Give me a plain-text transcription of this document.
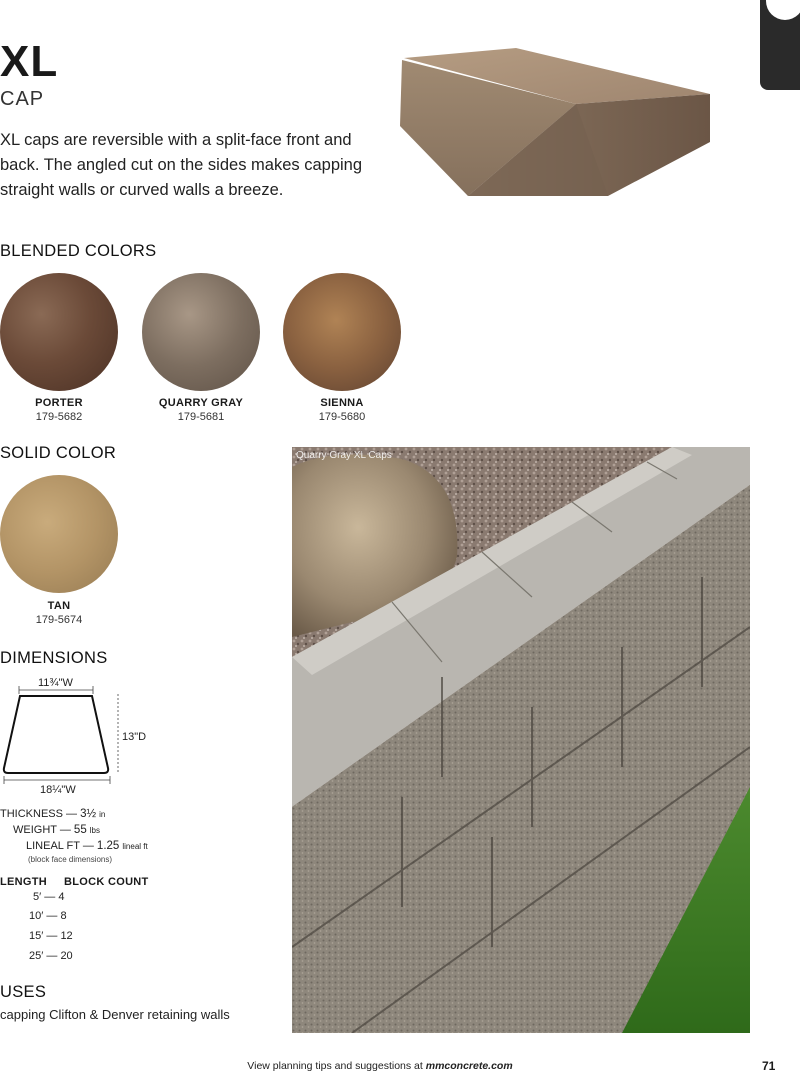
XL
CAP
XL caps are reversible with a split-face front and back. The angled cut on the sides makes capping straight walls or curved walls a breeze.
BLENDED COLORS
PORTER
179-5682
QUARRY GRAY
179-5681
SIENNA
179-5680
SOLID COLOR
TAN
179-5674
DIMENSIONS
11¾"W
13"D
18¼"W
THICKNESS — 3½ in
WEIGHT — 55 lbs
LINEAL FT — 1.25 lineal ft
(block face dimensions)
LENGTH BLOCK COUNT
5′ — 4
10′ — 8
15′ — 12
25′ — 20
USES
capping Clifton & Denver retaining walls
Quarry Gray XL Caps
View planning tips and suggestions at mmconcrete.com	71
